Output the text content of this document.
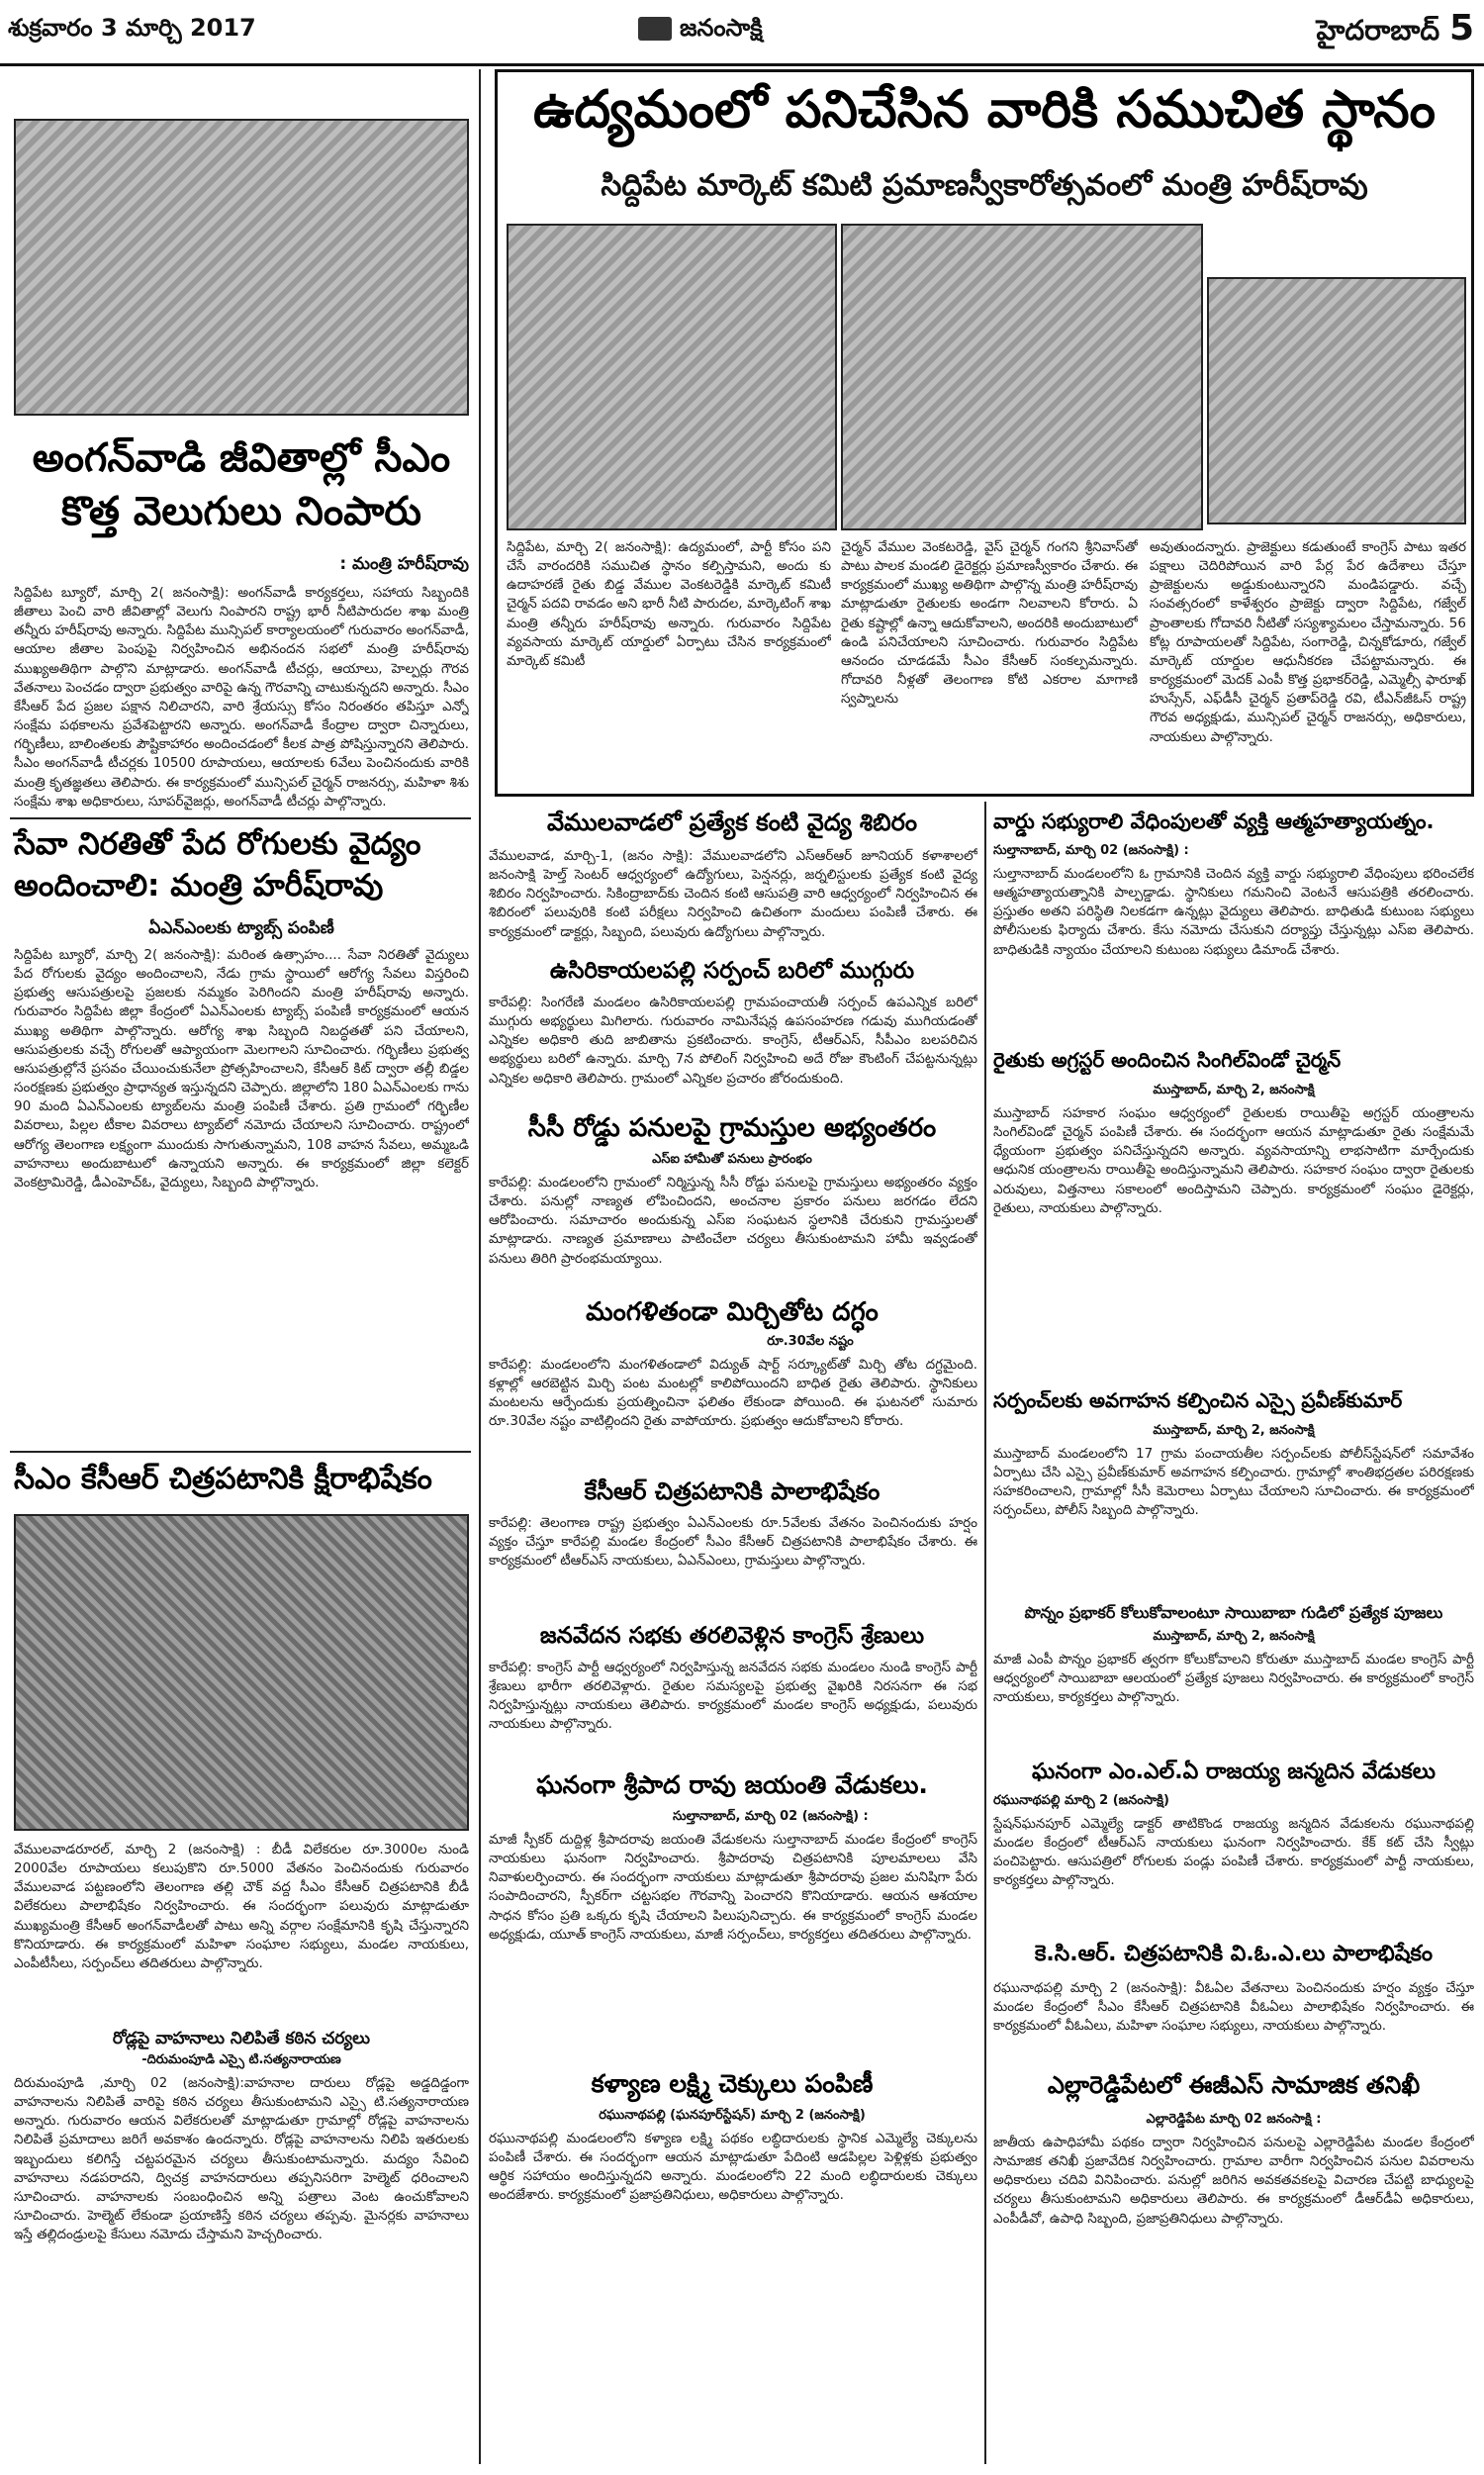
శుక్రవారం 3 మార్చి 2017	జనంసాక్షి	హైదరాబాద్ 5
అంగన్‌వాడి జీవితాల్లో సీఎం
కొత్త వెలుగులు నింపారు
: మంత్రి హరీష్‌రావు
సిద్దిపేట బ్యూరో, మార్చి 2( జనంసాక్షి): అంగన్‌వాడీ కార్యకర్తలు, సహాయ సిబ్బందికి జీతాలు పెంచి వారి జీవితాల్లో వెలుగు నింపారని రాష్ట్ర భారీ నీటిపారుదల శాఖ మంత్రి తన్నీరు హరీష్‌రావు అన్నారు. సిద్దిపేట మున్సిపల్ కార్యాలయంలో గురువారం అంగన్‌వాడీ, ఆయాల జీతాల పెంపుపై నిర్వహించిన అభినందన సభలో మంత్రి హరీష్‌రావు ముఖ్యఅతిథిగా పాల్గొని మాట్లాడారు. అంగన్‌వాడీ టీచర్లు, ఆయాలు, హెల్పర్లు గౌరవ వేతనాలు పెంచడం ద్వారా ప్రభుత్వం వారిపై ఉన్న గౌరవాన్ని చాటుకున్నదని అన్నారు. సీఎం కేసీఆర్ పేద ప్రజల పక్షాన నిలిచారని, వారి శ్రేయస్సు కోసం నిరంతరం తపిస్తూ ఎన్నో సంక్షేమ పథకాలను ప్రవేశపెట్టారని అన్నారు. అంగన్‌వాడీ కేంద్రాల ద్వారా చిన్నారులు, గర్భిణీలు, బాలింతలకు పౌష్టికాహారం అందించడంలో కీలక పాత్ర పోషిస్తున్నారని తెలిపారు. సీఎం అంగన్‌వాడీ టీచర్లకు 10500 రూపాయలు, ఆయాలకు 6వేలు పెంచినందుకు వారికి మంత్రి కృతజ్ఞతలు తెలిపారు. ఈ కార్యక్రమంలో మున్సిపల్ చైర్మన్ రాజనర్సు, మహిళా శిశు సంక్షేమ శాఖ అధికారులు, సూపర్‌వైజర్లు, అంగన్‌వాడీ టీచర్లు పాల్గొన్నారు.
సేవా నిరతితో పేద రోగులకు వైద్యం
అందించాలి: మంత్రి హరీష్‌రావు
ఏఎన్ఎంలకు ట్యాబ్స్ పంపిణీ
సిద్దిపేట బ్యూరో, మార్చి 2( జనంసాక్షి): మరింత ఉత్సాహం.... సేవా నిరతితో వైద్యులు పేద రోగులకు వైద్యం అందించాలని, నేడు గ్రామ స్థాయిలో ఆరోగ్య సేవలు విస్తరించి ప్రభుత్వ ఆసుపత్రులపై ప్రజలకు నమ్మకం పెరిగిందని మంత్రి హరీష్‌రావు అన్నారు. గురువారం సిద్దిపేట జిల్లా కేంద్రంలో ఏఎన్ఎంలకు ట్యాబ్స్ పంపిణీ కార్యక్రమంలో ఆయన ముఖ్య అతిథిగా పాల్గొన్నారు. ఆరోగ్య శాఖ సిబ్బంది నిబద్ధతతో పని చేయాలని, ఆసుపత్రులకు వచ్చే రోగులతో ఆప్యాయంగా మెలగాలని సూచించారు. గర్భిణీలు ప్రభుత్వ ఆసుపత్రుల్లోనే ప్రసవం చేయించుకునేలా ప్రోత్సహించాలని, కేసీఆర్ కిట్ ద్వారా తల్లీ బిడ్డల సంరక్షణకు ప్రభుత్వం ప్రాధాన్యత ఇస్తున్నదని చెప్పారు. జిల్లాలోని 180 ఏఎన్ఎంలకు గాను 90 మంది ఏఎన్ఎంలకు ట్యాబ్‌లను మంత్రి పంపిణీ చేశారు. ప్రతి గ్రామంలో గర్భిణీల వివరాలు, పిల్లల టీకాల వివరాలు ట్యాబ్‌లో నమోదు చేయాలని సూచించారు. రాష్ట్రంలో ఆరోగ్య తెలంగాణ లక్ష్యంగా ముందుకు సాగుతున్నామని, 108 వాహన సేవలు, అమ్మఒడి వాహనాలు అందుబాటులో ఉన్నాయని అన్నారు. ఈ కార్యక్రమంలో జిల్లా కలెక్టర్ వెంకట్రామిరెడ్డి, డీఎంహెచ్ఓ, వైద్యులు, సిబ్బంది పాల్గొన్నారు.
సీఎం కేసీఆర్ చిత్రపటానికి క్షీరాభిషేకం
వేములవాడరూరల్, మార్చి 2 (జనంసాక్షి) : బీడీ విలేకరుల రూ.3000ల నుండి 2000వేల రూపాయలు కలుపుకొని రూ.5000 వేతనం పెంచినందుకు గురువారం వేములవాడ పట్టణంలోని తెలంగాణ తల్లి చౌక్ వద్ద సీఎం కేసీఆర్ చిత్రపటానికి బీడీ విలేకరులు పాలాభిషేకం నిర్వహించారు. ఈ సందర్భంగా పలువురు మాట్లాడుతూ ముఖ్యమంత్రి కేసీఆర్ అంగన్‌వాడీలతో పాటు అన్ని వర్గాల సంక్షేమానికి కృషి చేస్తున్నారని కొనియాడారు. ఈ కార్యక్రమంలో మహిళా సంఘాల సభ్యులు, మండల నాయకులు, ఎంపీటీసీలు, సర్పంచ్‌లు తదితరులు పాల్గొన్నారు.
రోడ్లపై వాహనాలు నిలిపితే కఠిన చర్యలు
-దిరుమంపూడి ఎస్సై టి.సత్యనారాయణ
దిరుమంపూడి ,మార్చి 02 (జనంసాక్షి):వాహనాల దారులు రోడ్లపై అడ్డదిడ్డంగా వాహనాలను నిలిపితే వారిపై కఠిన చర్యలు తీసుకుంటామని ఎస్సై టి.సత్యనారాయణ అన్నారు. గురువారం ఆయన విలేకరులతో మాట్లాడుతూ గ్రామాల్లో రోడ్లపై వాహనాలను నిలిపితే ప్రమాదాలు జరిగే అవకాశం ఉందన్నారు. రోడ్లపై వాహనాలను నిలిపి ఇతరులకు ఇబ్బందులు కలిగిస్తే చట్టపరమైన చర్యలు తీసుకుంటామన్నారు. మద్యం సేవించి వాహనాలు నడపరాదని, ద్విచక్ర వాహనదారులు తప్పనిసరిగా హెల్మెట్ ధరించాలని సూచించారు. వాహనాలకు సంబంధించిన అన్ని పత్రాలు వెంట ఉంచుకోవాలని సూచించారు. హెల్మెట్ లేకుండా ప్రయాణిస్తే కఠిన చర్యలు తప్పవు. మైనర్లకు వాహనాలు ఇస్తే తల్లిదండ్రులపై కేసులు నమోదు చేస్తామని హెచ్చరించారు.
ఉద్యమంలో పనిచేసిన వారికి సముచిత స్థానం
సిద్దిపేట మార్కెట్ కమిటి ప్రమాణస్వీకారోత్సవంలో మంత్రి హరీష్‌రావు
సిద్దిపేట, మార్చి 2( జనంసాక్షి): ఉద్యమంలో, పార్టీ కోసం పని చేసే వారందరికి సముచిత స్థానం కల్పిస్తామని, అందు కు ఉదాహరణే రైతు బిడ్డ వేముల వెంకటరెడ్డికి మార్కెట్ కమిటీ చైర్మన్ పదవి రావడం అని భారీ నీటి పారుదల, మార్కెటింగ్ శాఖ మంత్రి తన్నీరు హరీష్‌రావు అన్నారు. గురువారం సిద్దిపేట వ్యవసాయ మార్కెట్ యార్డులో ఏర్పాటు చేసిన కార్యక్రమంలో మార్కెట్ కమిటీ
చైర్మన్ వేముల వెంకటరెడ్డి, వైస్ చైర్మన్ గంగని శ్రీనివాస్‌తో పాటు పాలక మండలి డైరెక్టర్లు ప్రమాణస్వీకారం చేశారు. ఈ కార్యక్రమంలో ముఖ్య అతిథిగా పాల్గొన్న మంత్రి హరీష్‌రావు మాట్లాడుతూ రైతులకు అండగా నిలవాలని కోరారు. ఏ రైతు కష్టాల్లో ఉన్నా ఆదుకోవాలని, అందరికి అందుబాటులో ఉండి పనిచేయాలని సూచించారు. గురువారం సిద్దిపేట ఆనందం చూడడమే సీఎం కేసీఆర్ సంకల్పమన్నారు. గోదావరి నీళ్లతో తెలంగాణ కోటి ఎకరాల మాగాణి స్వప్నాలను
అవుతుందన్నారు. ప్రాజెక్టులు కడుతుంటే కాంగ్రెస్ పాటు ఇతర పక్షాలు చెదిరిపోయిన వారి పేర్ల పేర ఉదేశాలు చేస్తూ ప్రాజెక్టులను అడ్డుకుంటున్నారని మండిపడ్డారు. వచ్చే సంవత్సరంలో కాళేశ్వరం ప్రాజెక్టు ద్వారా సిద్దిపేట, గజ్వేల్ ప్రాంతాలకు గోదావరి నీటితో సస్యశ్యామలం చేస్తామన్నారు. 56 కోట్ల రూపాయలతో సిద్దిపేట, సంగారెడ్డి, చిన్నకోడూరు, గజ్వేల్ మార్కెట్ యార్డుల ఆధునీకరణ చేపట్టామన్నారు. ఈ కార్యక్రమంలో మెదక్ ఎంపీ కొత్త ప్రభాకర్‌రెడ్డి, ఎమ్మెల్సీ ఫారూఖ్ హుస్సేన్, ఎఫ్‌డీసీ చైర్మన్ ప్రతాప్‌రెడ్డి రవి, టీఎన్‌జీఓస్ రాష్ట్ర గౌరవ అధ్యక్షుడు, మున్సిపల్ చైర్మన్ రాజనర్సు, అధికారులు, నాయకులు పాల్గొన్నారు.
వేములవాడలో ప్రత్యేక కంటి వైద్య శిబిరం
వేములవాడ, మార్చి-1, (జనం సాక్షి): వేములవాడలోని ఎస్‌ఆర్‌ఆర్ జూనియర్ కళాశాలలో జనంసాక్షి హెల్త్ సెంటర్ ఆధ్వర్యంలో ఉద్యోగులు, పెన్షనర్లు, జర్నలిస్టులకు ప్రత్యేక కంటి వైద్య శిబిరం నిర్వహించారు. సికింద్రాబాద్‌కు చెందిన కంటి ఆసుపత్రి వారి ఆధ్వర్యంలో నిర్వహించిన ఈ శిబిరంలో పలువురికి కంటి పరీక్షలు నిర్వహించి ఉచితంగా మందులు పంపిణీ చేశారు. ఈ కార్యక్రమంలో డాక్టర్లు, సిబ్బంది, పలువురు ఉద్యోగులు పాల్గొన్నారు.
ఉసిరికాయలపల్లి సర్పంచ్ బరిలో ముగ్గురు
కారేపల్లి: సింగరేణి మండలం ఉసిరికాయలపల్లి గ్రామపంచాయతీ సర్పంచ్ ఉపఎన్నిక బరిలో ముగ్గురు అభ్యర్థులు మిగిలారు. గురువారం నామినేషన్ల ఉపసంహరణ గడువు ముగియడంతో ఎన్నికల అధికారి తుది జాబితాను ప్రకటించారు. కాంగ్రెస్, టీఆర్ఎస్, సీపీఎం బలపరిచిన అభ్యర్థులు బరిలో ఉన్నారు. మార్చి 7న పోలింగ్ నిర్వహించి అదే రోజు కౌంటింగ్ చేపట్టనున్నట్లు ఎన్నికల అధికారి తెలిపారు. గ్రామంలో ఎన్నికల ప్రచారం జోరందుకుంది.
సీసీ రోడ్డు పనులపై గ్రామస్తుల అభ్యంతరం
ఎస్ఐ హామీతో పనులు ప్రారంభం
కారేపల్లి: మండలంలోని గ్రామంలో నిర్మిస్తున్న సీసీ రోడ్డు పనులపై గ్రామస్తులు అభ్యంతరం వ్యక్తం చేశారు. పనుల్లో నాణ్యత లోపించిందని, అంచనాల ప్రకారం పనులు జరగడం లేదని ఆరోపించారు. సమాచారం అందుకున్న ఎస్ఐ సంఘటన స్థలానికి చేరుకుని గ్రామస్తులతో మాట్లాడారు. నాణ్యత ప్రమాణాలు పాటించేలా చర్యలు తీసుకుంటామని హామీ ఇవ్వడంతో పనులు తిరిగి ప్రారంభమయ్యాయి.
మంగళితండా మిర్చితోట దగ్ధం
రూ.30వేల నష్టం
కారేపల్లి: మండలంలోని మంగళితండాలో విద్యుత్ షార్ట్ సర్క్యూట్‌తో మిర్చి తోట దగ్ధమైంది. కళ్లాల్లో ఆరబెట్టిన మిర్చి పంట మంటల్లో కాలిపోయిందని బాధిత రైతు తెలిపారు. స్థానికులు మంటలను ఆర్పేందుకు ప్రయత్నించినా ఫలితం లేకుండా పోయింది. ఈ ఘటనలో సుమారు రూ.30వేల నష్టం వాటిల్లిందని రైతు వాపోయారు. ప్రభుత్వం ఆదుకోవాలని కోరారు.
కేసీఆర్ చిత్రపటానికి పాలాభిషేకం
కారేపల్లి: తెలంగాణ రాష్ట్ర ప్రభుత్వం ఏఎన్ఎంలకు రూ.5వేలకు వేతనం పెంచినందుకు హర్షం వ్యక్తం చేస్తూ కారేపల్లి మండల కేంద్రంలో సీఎం కేసీఆర్ చిత్రపటానికి పాలాభిషేకం చేశారు. ఈ కార్యక్రమంలో టీఆర్ఎస్ నాయకులు, ఏఎన్ఎంలు, గ్రామస్తులు పాల్గొన్నారు.
జనవేదన సభకు తరలివెళ్లిన కాంగ్రెస్ శ్రేణులు
కారేపల్లి: కాంగ్రెస్ పార్టీ ఆధ్వర్యంలో నిర్వహిస్తున్న జనవేదన సభకు మండలం నుండి కాంగ్రెస్ పార్టీ శ్రేణులు భారీగా తరలివెళ్లారు. రైతుల సమస్యలపై ప్రభుత్వ వైఖరికి నిరసనగా ఈ సభ నిర్వహిస్తున్నట్లు నాయకులు తెలిపారు. కార్యక్రమంలో మండల కాంగ్రెస్ అధ్యక్షుడు, పలువురు నాయకులు పాల్గొన్నారు.
ఘనంగా శ్రీపాద రావు జయంతి వేడుకలు.
సుల్తానాబాద్, మార్చి 02 (జనంసాక్షి) :
మాజీ స్పీకర్ దుద్దిళ్ల శ్రీపాదరావు జయంతి వేడుకలను సుల్తానాబాద్ మండల కేంద్రంలో కాంగ్రెస్ నాయకులు ఘనంగా నిర్వహించారు. శ్రీపాదరావు చిత్రపటానికి పూలమాలలు వేసి నివాళులర్పించారు. ఈ సందర్భంగా నాయకులు మాట్లాడుతూ శ్రీపాదరావు ప్రజల మనిషిగా పేరు సంపాదించారని, స్పీకర్‌గా చట్టసభల గౌరవాన్ని పెంచారని కొనియాడారు. ఆయన ఆశయాల సాధన కోసం ప్రతి ఒక్కరు కృషి చేయాలని పిలుపునిచ్చారు. ఈ కార్యక్రమంలో కాంగ్రెస్ మండల అధ్యక్షుడు, యూత్ కాంగ్రెస్ నాయకులు, మాజీ సర్పంచ్‌లు, కార్యకర్తలు తదితరులు పాల్గొన్నారు.
కళ్యాణ లక్ష్మి చెక్కులు పంపిణీ
రఘునాథపల్లి (ఘనపూర్‌స్టేషన్‌) మార్చి 2 (జనంసాక్షి)
రఘునాథపల్లి మండలంలోని కళ్యాణ లక్ష్మి పథకం లబ్ధిదారులకు స్థానిక ఎమ్మెల్యే చెక్కులను పంపిణీ చేశారు. ఈ సందర్భంగా ఆయన మాట్లాడుతూ పేదింటి ఆడపిల్లల పెళ్లిళ్లకు ప్రభుత్వం ఆర్థిక సహాయం అందిస్తున్నదని అన్నారు. మండలంలోని 22 మంది లబ్ధిదారులకు చెక్కులు అందజేశారు. కార్యక్రమంలో ప్రజాప్రతినిధులు, అధికారులు పాల్గొన్నారు.
వార్డు సభ్యురాలి వేధింపులతో వ్యక్తి ఆత్మహత్యాయత్నం.
సుల్తానాబాద్, మార్చి 02 (జనంసాక్షి) :
సుల్తానాబాద్ మండలంలోని ఓ గ్రామానికి చెందిన వ్యక్తి వార్డు సభ్యురాలి వేధింపులు భరించలేక ఆత్మహత్యాయత్నానికి పాల్పడ్డాడు. స్థానికులు గమనించి వెంటనే ఆసుపత్రికి తరలించారు. ప్రస్తుతం అతని పరిస్థితి నిలకడగా ఉన్నట్లు వైద్యులు తెలిపారు. బాధితుడి కుటుంబ సభ్యులు పోలీసులకు ఫిర్యాదు చేశారు. కేసు నమోదు చేసుకుని దర్యాప్తు చేస్తున్నట్లు ఎస్ఐ తెలిపారు. బాధితుడికి న్యాయం చేయాలని కుటుంబ సభ్యులు డిమాండ్ చేశారు.
రైతుకు అగ్రస్టర్ అందించిన సింగిల్‌విండో చైర్మన్
ముస్తాబాద్, మార్చి 2, జనంసాక్షి
ముస్తాబాద్ సహకార సంఘం ఆధ్వర్యంలో రైతులకు రాయితీపై అగ్రస్టర్ యంత్రాలను సింగిల్‌విండో చైర్మన్ పంపిణీ చేశారు. ఈ సందర్భంగా ఆయన మాట్లాడుతూ రైతు సంక్షేమమే ధ్యేయంగా ప్రభుత్వం పనిచేస్తున్నదని అన్నారు. వ్యవసాయాన్ని లాభసాటిగా మార్చేందుకు ఆధునిక యంత్రాలను రాయితీపై అందిస్తున్నామని తెలిపారు. సహకార సంఘం ద్వారా రైతులకు ఎరువులు, విత్తనాలు సకాలంలో అందిస్తామని చెప్పారు. కార్యక్రమంలో సంఘం డైరెక్టర్లు, రైతులు, నాయకులు పాల్గొన్నారు.
సర్పంచ్‌లకు అవగాహన కల్పించిన ఎస్సై ప్రవీణ్‌కుమార్
ముస్తాబాద్, మార్చి 2, జనంసాక్షి
ముస్తాబాద్ మండలంలోని 17 గ్రామ పంచాయతీల సర్పంచ్‌లకు పోలీస్‌స్టేషన్‌లో సమావేశం ఏర్పాటు చేసి ఎస్సై ప్రవీణ్‌కుమార్ అవగాహన కల్పించారు. గ్రామాల్లో శాంతిభద్రతల పరిరక్షణకు సహకరించాలని, గ్రామాల్లో సీసీ కెమెరాలు ఏర్పాటు చేయాలని సూచించారు. ఈ కార్యక్రమంలో సర్పంచ్‌లు, పోలీస్ సిబ్బంది పాల్గొన్నారు.
పొన్నం ప్రభాకర్ కోలుకోవాలంటూ సాయిబాబా గుడిలో ప్రత్యేక పూజలు
ముస్తాబాద్, మార్చి 2, జనంసాక్షి
మాజీ ఎంపీ పొన్నం ప్రభాకర్ త్వరగా కోలుకోవాలని కోరుతూ ముస్తాబాద్ మండల కాంగ్రెస్ పార్టీ ఆధ్వర్యంలో సాయిబాబా ఆలయంలో ప్రత్యేక పూజలు నిర్వహించారు. ఈ కార్యక్రమంలో కాంగ్రెస్ నాయకులు, కార్యకర్తలు పాల్గొన్నారు.
ఘనంగా ఎం.ఎల్.ఏ రాజయ్య జన్మదిన వేడుకలు
రఘునాథపల్లి మార్చి 2 (జనంసాక్షి)
స్టేషన్‌ఘనపూర్ ఎమ్మెల్యే డాక్టర్ తాటికొండ రాజయ్య జన్మదిన వేడుకలను రఘునాథపల్లి మండల కేంద్రంలో టీఆర్ఎస్ నాయకులు ఘనంగా నిర్వహించారు. కేక్ కట్ చేసి స్వీట్లు పంచిపెట్టారు. ఆసుపత్రిలో రోగులకు పండ్లు పంపిణీ చేశారు. కార్యక్రమంలో పార్టీ నాయకులు, కార్యకర్తలు పాల్గొన్నారు.
కె.సి.ఆర్. చిత్రపటానికి వి.ఓ.ఎ.లు పాలాభిషేకం
రఘునాథపల్లి మార్చి 2 (జనంసాక్షి): వీఓఏల వేతనాలు పెంచినందుకు హర్షం వ్యక్తం చేస్తూ మండల కేంద్రంలో సీఎం కేసీఆర్ చిత్రపటానికి వీఓఏలు పాలాభిషేకం నిర్వహించారు. ఈ కార్యక్రమంలో వీఓఏలు, మహిళా సంఘాల సభ్యులు, నాయకులు పాల్గొన్నారు.
ఎల్లారెడ్డిపేటలో ఈజీఎస్ సామాజిక తనిఖీ
ఎల్లారెడ్డిపేట మార్చి 02 జనంసాక్షి :
జాతీయ ఉపాధిహామీ పథకం ద్వారా నిర్వహించిన పనులపై ఎల్లారెడ్డిపేట మండల కేంద్రంలో సామాజిక తనిఖీ ప్రజావేదిక నిర్వహించారు. గ్రామాల వారీగా నిర్వహించిన పనుల వివరాలను అధికారులు చదివి వినిపించారు. పనుల్లో జరిగిన అవకతవకలపై విచారణ చేపట్టి బాధ్యులపై చర్యలు తీసుకుంటామని అధికారులు తెలిపారు. ఈ కార్యక్రమంలో డీఆర్‌డీఏ అధికారులు, ఎంపీడీవో, ఉపాధి సిబ్బంది, ప్రజాప్రతినిధులు పాల్గొన్నారు.
